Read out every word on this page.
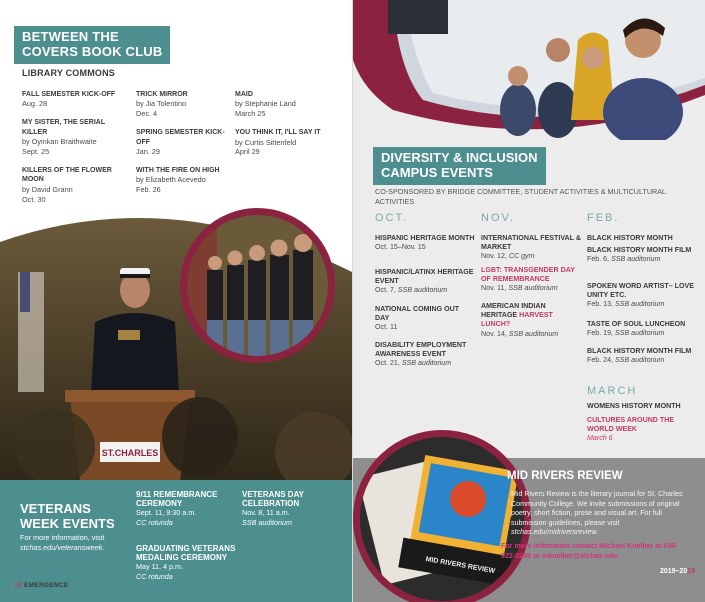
BETWEEN THE
COVERS BOOK CLUB
LIBRARY COMMONS
FALL SEMESTER KICK-OFF
Aug. 28
MY SISTER, THE SERIAL KILLER
by Oyinkan Braithwaite
Sept. 25
KILLERS OF THE FLOWER MOON
by David Grann
Oct. 30
TRICK MIRROR
by Jia Tolentino
Dec. 4
SPRING SEMESTER KICK-OFF
Jan. 29
WITH THE FIRE ON HIGH
by Elizabeth Acevedo
Feb. 26
MAID
by Stephanie Land
March 25
YOU THINK IT, I'LL SAY IT
by Curtis Sittenfeld
April 29
ST.CHARLES
VETERANS
WEEK EVENTS
For more information, visit
stchas.edu/veteransweek.
9/11 REMEMBRANCE CEREMONY
Sept. 11, 9:30 a.m.
CC rotunda
VETERANS DAY CELEBRATION
Nov. 8, 11 a.m.
SSB auditorium
GRADUATING VETERANS MEDALING CEREMONY
May 11, 4 p.m.
CC rotunda
18 EMERGENCE
DIVERSITY & INCLUSION
CAMPUS EVENTS
CO-SPONSORED BY BRIDGE COMMITTEE, STUDENT ACTIVITIES & MULTICULTURAL ACTIVITIES
OCT.	NOV.	FEB.
MARCH
HISPANIC HERITAGE MONTH
Oct. 15–Nov. 15
HISPANIC/LATINX HERITAGE EVENT
Oct. 7, SSB auditorium
NATIONAL COMING OUT DAY
Oct. 11
DISABILITY EMPLOYMENT AWARENESS EVENT
Oct. 21, SSB auditorium
INTERNATIONAL FESTIVAL & MARKET
Nov. 12, CC gym
LGBT: TRANSGENDER DAY OF REMEMBRANCE
Nov. 11, SSB auditorium
AMERICAN INDIAN HERITAGE HARVEST LUNCH?
Nov. 14, SSB auditorium
BLACK HISTORY MONTH
BLACK HISTORY MONTH FILM
Feb. 6, SSB auditorium
SPOKEN WORD ARTIST– LOVE UNITY ETC.
Feb. 13, SSB auditorium
TASTE OF SOUL LUNCHEON
Feb. 19, SSB auditorium
BLACK HISTORY MONTH FILM
Feb. 24, SSB auditorium
WOMENS HISTORY MONTH
CULTURES AROUND THE WORLD WEEK
March 6
MID RIVERS REVIEW
MID RIVERS REVIEW
Mid Rivers Review is the literary journal for St. Charles Community College. We invite submissions of original poetry, short fiction, prose and visual art. For full submission guidelines, please visit stchas.edu/midriversreview.
For more infomation contact Michael Kuelker at 636-922-8256 or mkuelker@stchas.edu.
2019–2019
